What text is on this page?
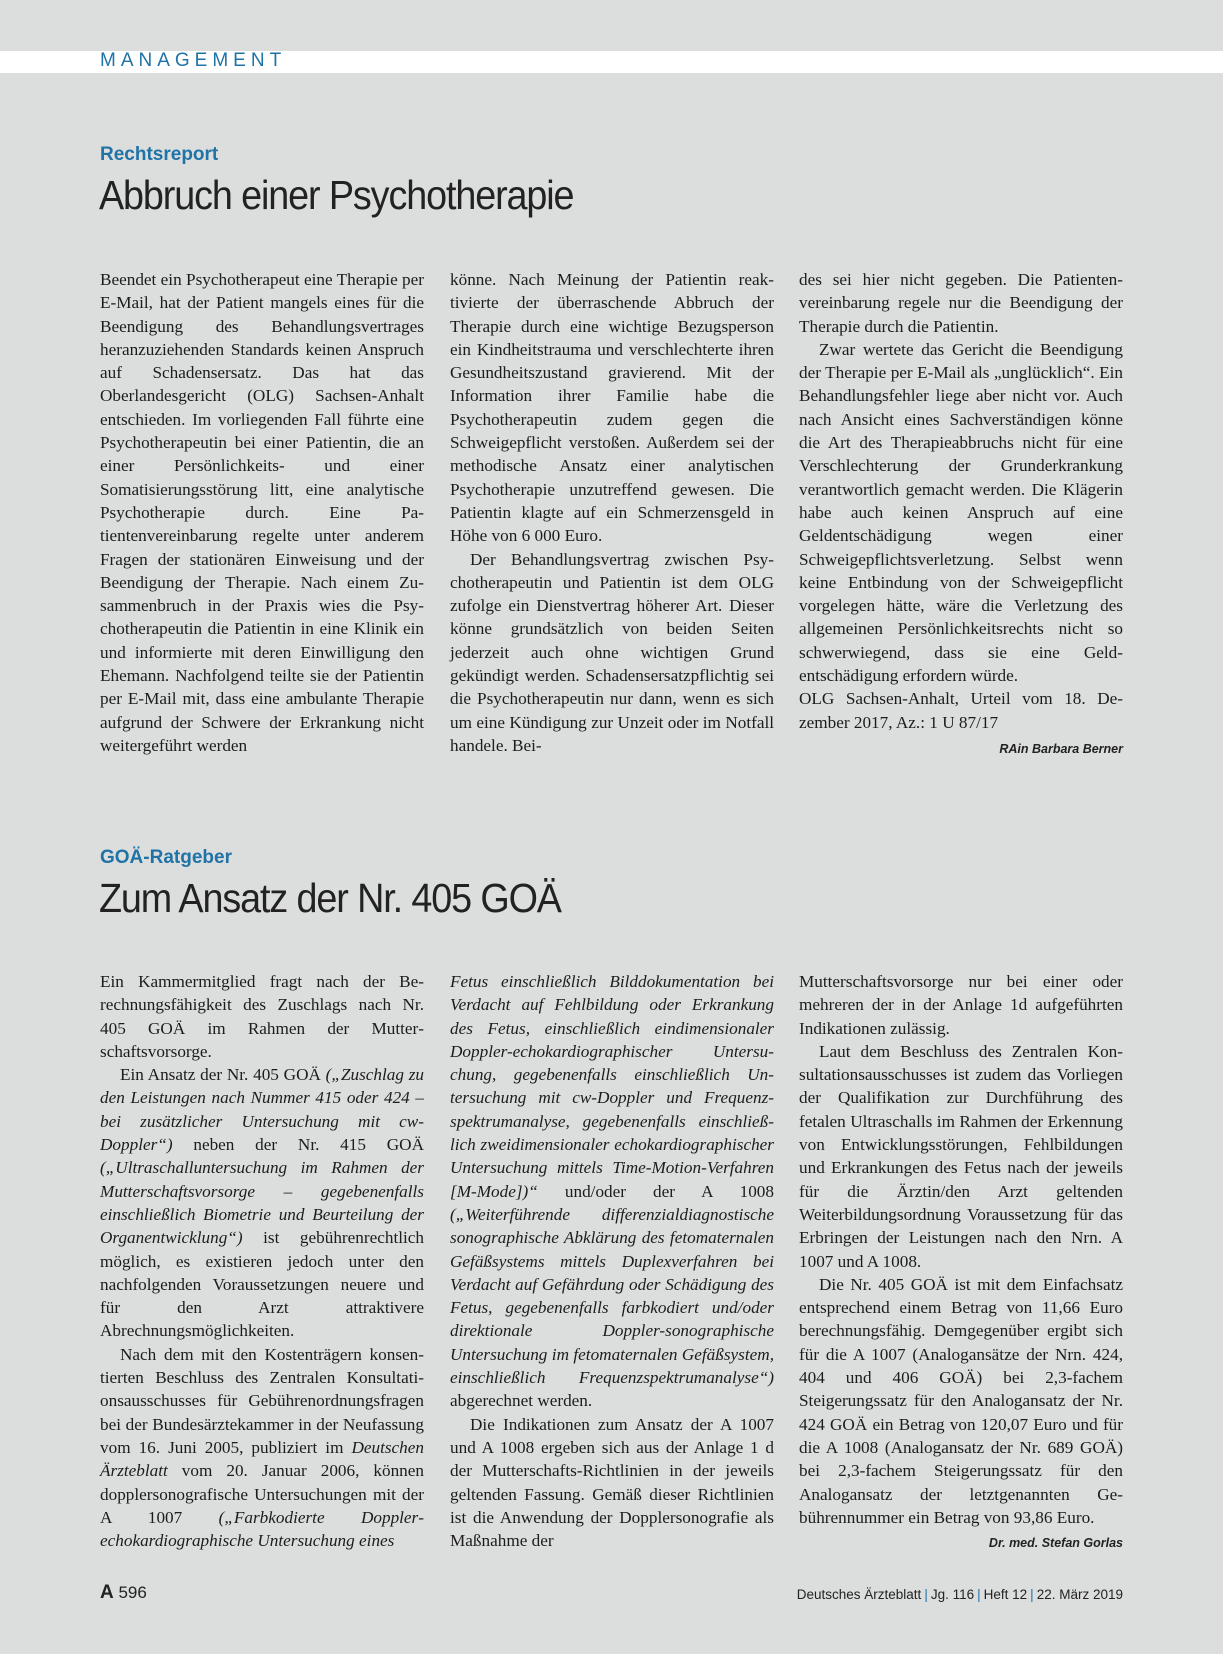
MANAGEMENT
Rechtsreport
Abbruch einer Psychotherapie

Beendet ein Psychotherapeut eine Therapie per E-Mail, hat der Patient mangels eines für die Beendigung des Behandlungsvertrages heranzuziehenden Standards keinen Anspruch auf Schadensersatz. Das hat das Oberlandesgericht (OLG) Sachsen-Anhalt entschieden. Im vorliegenden Fall führte eine Psychotherapeutin bei einer Patientin, die an einer Persönlichkeits- und einer Somatisierungsstörung litt, eine analytische Psychotherapie durch. Eine Patientenvereinbarung regelte unter anderem Fragen der stationären Einweisung und der Beendigung der Therapie. Nach einem Zusammenbruch in der Praxis wies die Psychotherapeutin die Patientin in eine Klinik ein und informierte mit deren Einwilligung den Ehemann. Nachfolgend teilte sie der Patientin per E-Mail mit, dass eine ambulante Therapie aufgrund der Schwere der Erkrankung nicht weitergeführt werden

könne. Nach Meinung der Patientin reaktivierte der überraschende Abbruch der Therapie durch eine wichtige Bezugsperson ein Kindheitstrauma und verschlechterte ihren Gesundheitszustand gravierend. Mit der Information ihrer Familie habe die Psychotherapeutin zudem gegen die Schweigepflicht verstoßen. Außerdem sei der methodische Ansatz einer analytischen Psychotherapie unzutreffend gewesen. Die Patientin klagte auf ein Schmerzensgeld in Höhe von 6 000 Euro.

Der Behandlungsvertrag zwischen Psychotherapeutin und Patientin ist dem OLG zufolge ein Dienstvertrag höherer Art. Dieser könne grundsätzlich von beiden Seiten jederzeit auch ohne wichtigen Grund gekündigt werden. Schadensersatzpflichtig sei die Psychotherapeutin nur dann, wenn es sich um eine Kündigung zur Unzeit oder im Notfall handele. Bei-

des sei hier nicht gegeben. Die Patientenvereinbarung regele nur die Beendigung der Therapie durch die Patientin.

Zwar wertete das Gericht die Beendigung der Therapie per E-Mail als „unglücklich“. Ein Behandlungsfehler liege aber nicht vor. Auch nach Ansicht eines Sachverständigen könne die Art des Therapieabbruchs nicht für eine Verschlechterung der Grunderkrankung verantwortlich gemacht werden. Die Klägerin habe auch keinen Anspruch auf eine Geldentschädigung wegen einer Schweigepflichtsverletzung. Selbst wenn keine Entbindung von der Schweigepflicht vorgelegen hätte, wäre die Verletzung des allgemeinen Persönlichkeitsrechts nicht so schwerwiegend, dass sie eine Geldentschädigung erfordern würde.

OLG Sachsen-Anhalt, Urteil vom 18. Dezember 2017, Az.: 1 U 87/17

RAin Barbara Berner
GOÄ-Ratgeber
Zum Ansatz der Nr. 405 GOÄ

Ein Kammermitglied fragt nach der Berechnungsfähigkeit des Zuschlags nach Nr. 405 GOÄ im Rahmen der Mutterschaftsvorsorge.

Ein Ansatz der Nr. 405 GOÄ („Zuschlag zu den Leistungen nach Nummer 415 oder 424 – bei zusätzlicher Untersuchung mit cw-Doppler“) neben der Nr. 415 GOÄ („Ultraschalluntersuchung im Rahmen der Mutterschaftsvorsorge – gegebenenfalls einschließlich Biometrie und Beurteilung der Organentwicklung“) ist gebührenrechtlich möglich, es existieren jedoch unter den nachfolgenden Voraussetzungen neuere und für den Arzt attraktivere Abrechnungsmöglichkeiten.

Nach dem mit den Kostenträgern konsentierten Beschluss des Zentralen Konsultationsausschusses für Gebührenordnungsfragen bei der Bundesärztekammer in der Neufassung vom 16. Juni 2005, publiziert im Deutschen Ärzteblatt vom 20. Januar 2006, können dopplersonografische Untersuchungen mit der A 1007 („Farbkodierte Dopplerechokardiographische Untersuchung eines

Fetus einschließlich Bilddokumentation bei Verdacht auf Fehlbildung oder Erkrankung des Fetus, einschließlich eindimensionaler Doppler-echokardiographischer Untersuchung, gegebenenfalls einschließlich Untersuchung mit cw-Doppler und Frequenzspektrumanalyse, gegebenenfalls einschließlich zweidimensionaler echokardiographischer Untersuchung mittels Time-Motion-Verfahren [M-Mode])“ und/oder der A 1008 („Weiterführende differenzialdiagnostische sonographische Abklärung des fetomaternalen Gefäßsystems mittels Duplexverfahren bei Verdacht auf Gefährdung oder Schädigung des Fetus, gegebenenfalls farbkodiert und/oder direktionale Doppler-sonographische Untersuchung im fetomaternalen Gefäßsystem, einschließlich Frequenzspektrumanalyse“) abgerechnet werden.

Die Indikationen zum Ansatz der A 1007 und A 1008 ergeben sich aus der Anlage 1 d der Mutterschafts-Richtlinien in der jeweils geltenden Fassung. Gemäß dieser Richtlinien ist die Anwendung der Dopplersonografie als Maßnahme der

Mutterschaftsvorsorge nur bei einer oder mehreren der in der Anlage 1d aufgeführten Indikationen zulässig.

Laut dem Beschluss des Zentralen Konsultationsausschusses ist zudem das Vorliegen der Qualifikation zur Durchführung des fetalen Ultraschalls im Rahmen der Erkennung von Entwicklungsstörungen, Fehlbildungen und Erkrankungen des Fetus nach der jeweils für die Ärztin/den Arzt geltenden Weiterbildungsordnung Voraussetzung für das Erbringen der Leistungen nach den Nrn. A 1007 und A 1008.

Die Nr. 405 GOÄ ist mit dem Einfachsatz entsprechend einem Betrag von 11,66 Euro berechnungsfähig. Demgegenüber ergibt sich für die A 1007 (Analogansätze der Nrn. 424, 404 und 406 GOÄ) bei 2,3-fachem Steigerungssatz für den Analogansatz der Nr. 424 GOÄ ein Betrag von 120,07 Euro und für die A 1008 (Analogansatz der Nr. 689 GOÄ) bei 2,3-fachem Steigerungssatz für den Analogansatz der letztgenannten Gebührennummer ein Betrag von 93,86 Euro.

Dr. med. Stefan Gorlas
A 596	Deutsches Ärzteblatt | Jg. 116 | Heft 12 | 22. März 2019
